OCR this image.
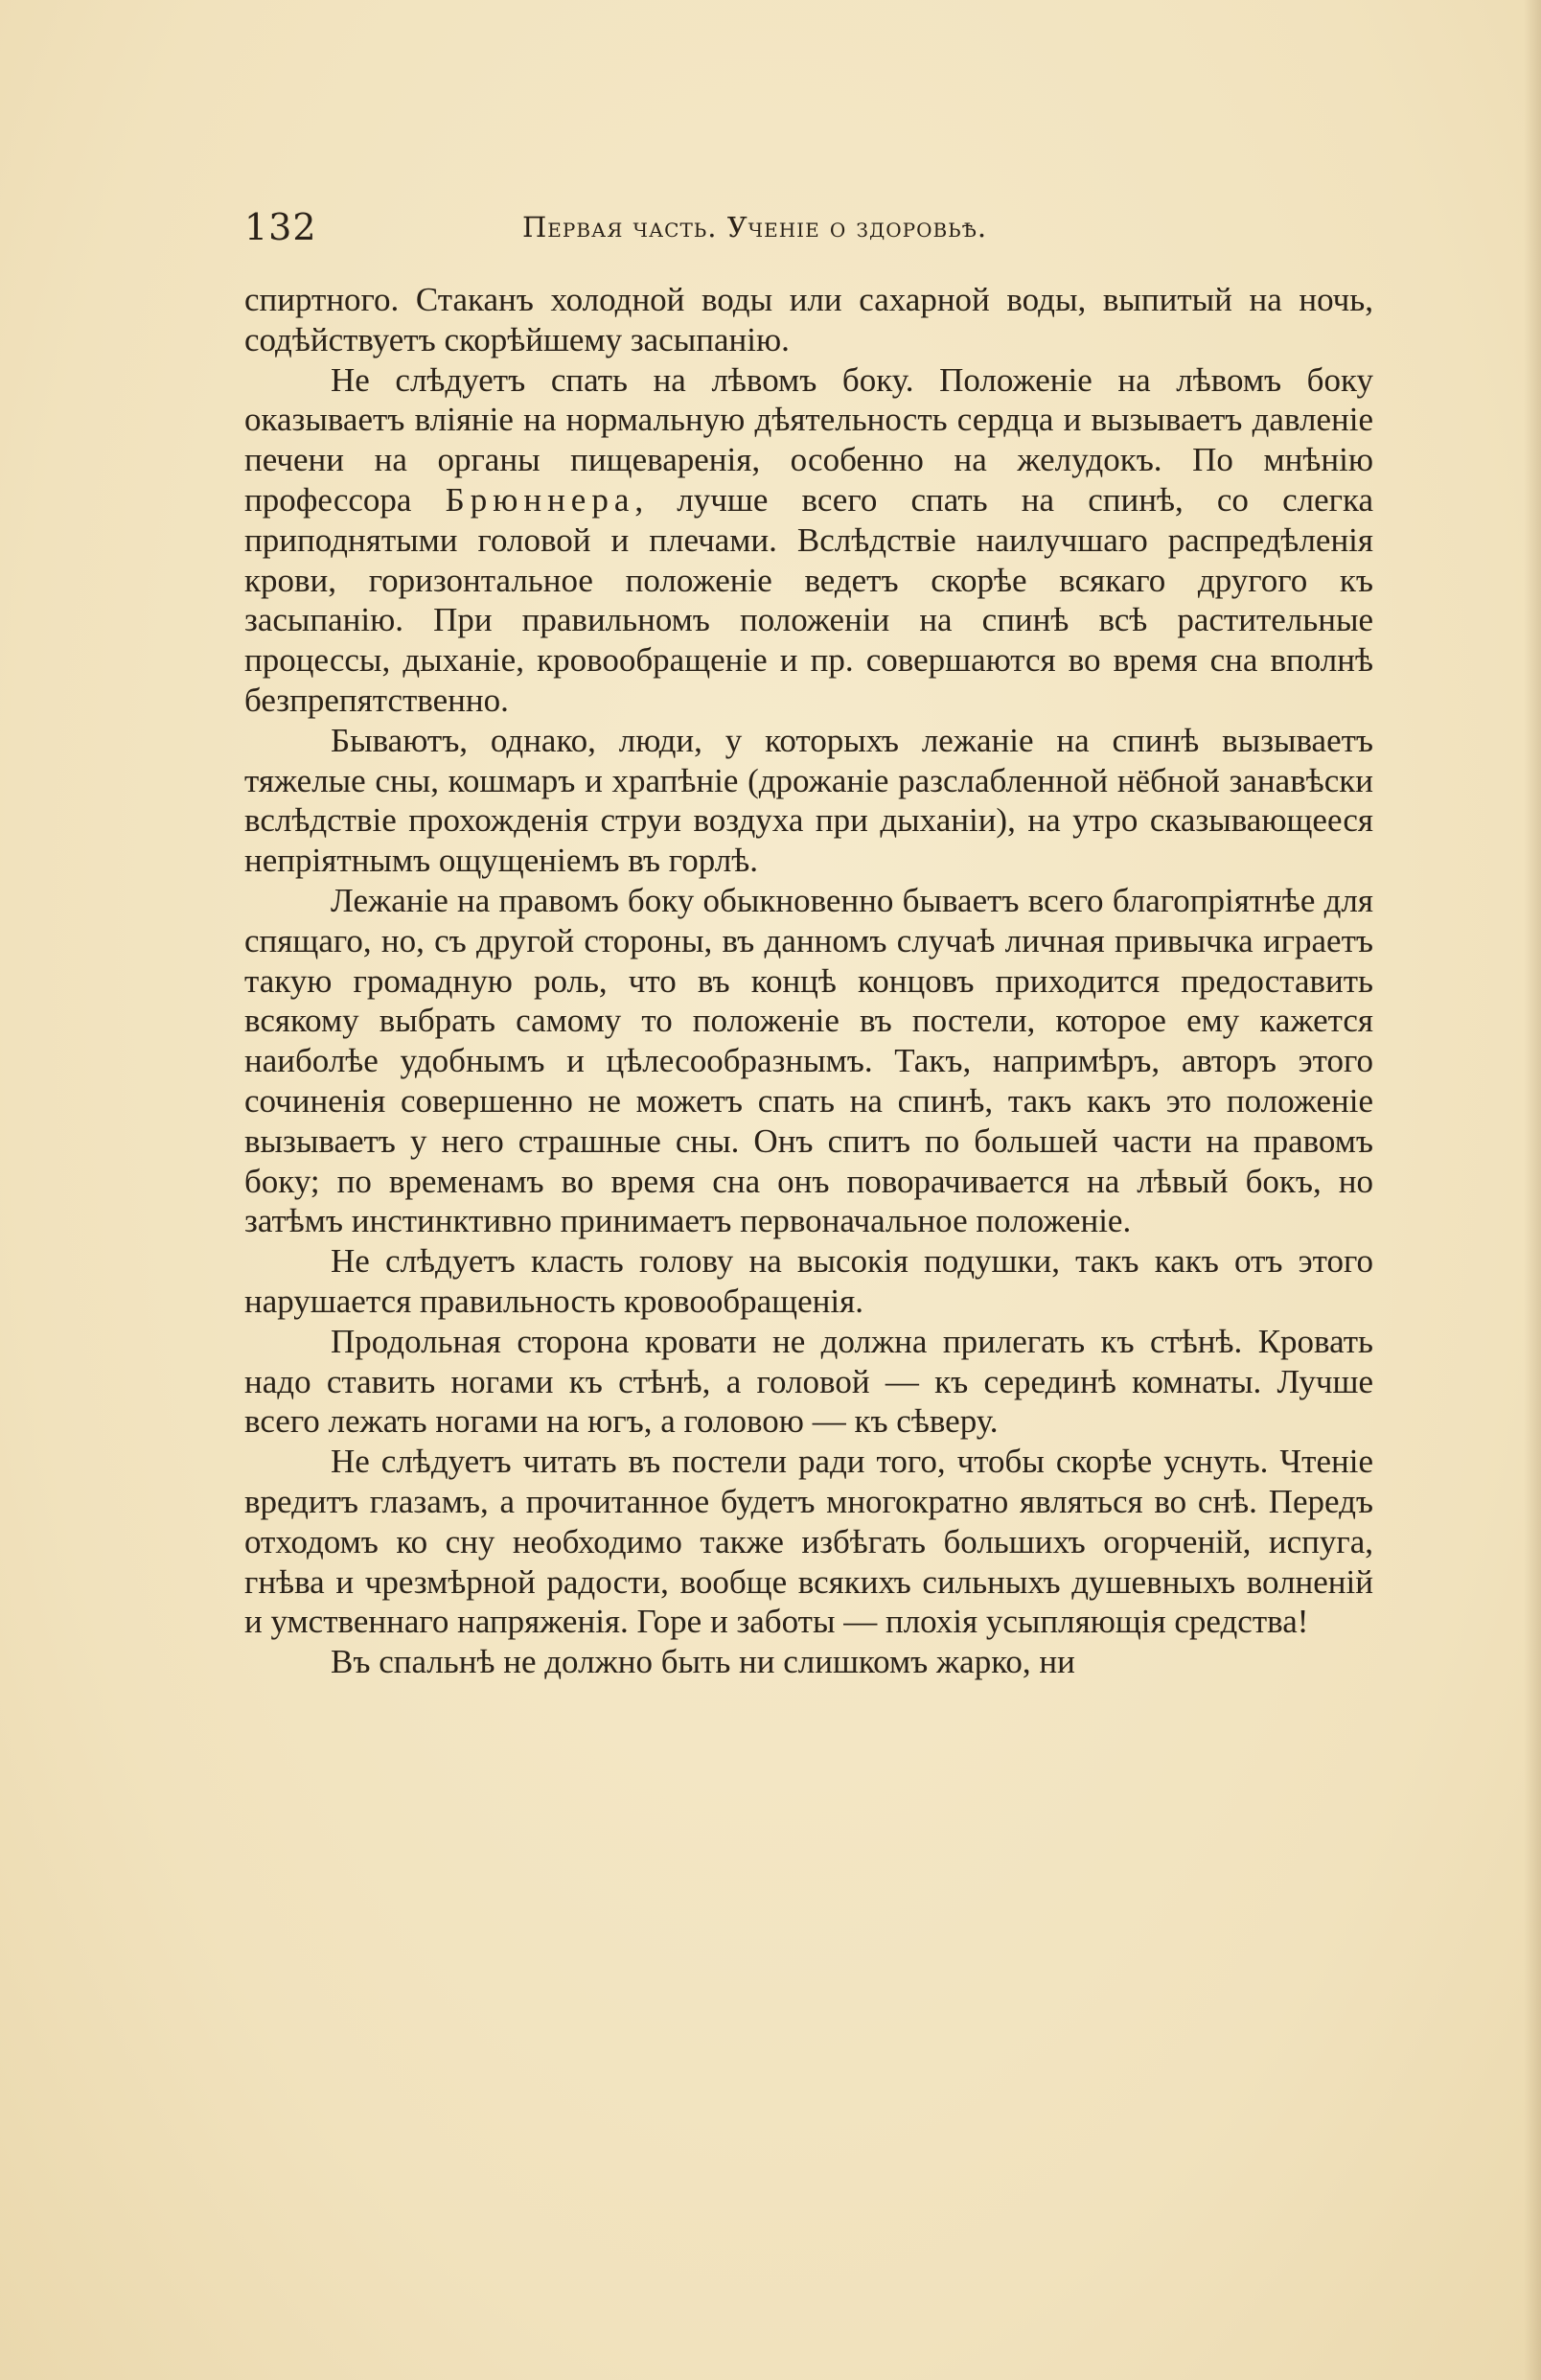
132	Первая часть. Ученіе о здоровьѣ.

спиртного. Стаканъ холодной воды или сахарной воды, выпитый на ночь, содѣйствуетъ скорѣйшему засыпанію.

Не слѣдуетъ спать на лѣвомъ боку. Положеніе на лѣвомъ боку оказываетъ вліяніе на нормальную дѣятельность сердца и вызываетъ давленіе печени на органы пищеваренія, особенно на желудокъ. По мнѣнію профессора Брюннера, лучше всего спать на спинѣ, со слегка приподнятыми головой и плечами. Вслѣдствіе наилучшаго распредѣленія крови, горизонтальное положеніе ведетъ скорѣе всякаго другого къ засыпанію. При правильномъ положеніи на спинѣ всѣ растительные процессы, дыханіе, кровообращеніе и пр. совершаются во время сна вполнѣ безпрепятственно.

Бываютъ, однако, люди, у которыхъ лежаніе на спинѣ вызываетъ тяжелые сны, кошмаръ и храпѣніе (дрожаніе разслабленной нёбной занавѣски вслѣдствіе прохожденія струи воздуха при дыханіи), на утро сказывающееся непріятнымъ ощущеніемъ въ горлѣ.

Лежаніе на правомъ боку обыкновенно бываетъ всего благопріятнѣе для спящаго, но, съ другой стороны, въ данномъ случаѣ личная привычка играетъ такую громадную роль, что въ концѣ концовъ приходится предоставить всякому выбрать самому то положеніе въ постели, которое ему кажется наиболѣе удобнымъ и цѣлесообразнымъ. Такъ, напримѣръ, авторъ этого сочиненія совершенно не можетъ спать на спинѣ, такъ какъ это положеніе вызываетъ у него страшные сны. Онъ спитъ по большей части на правомъ боку; по временамъ во время сна онъ поворачивается на лѣвый бокъ, но затѣмъ инстинктивно принимаетъ первоначальное положеніе.

Не слѣдуетъ класть голову на высокія подушки, такъ какъ отъ этого нарушается правильность кровообращенія.

Продольная сторона кровати не должна прилегать къ стѣнѣ. Кровать надо ставить ногами къ стѣнѣ, а головой — къ серединѣ комнаты. Лучше всего лежать ногами на югъ, а головою — къ сѣверу.

Не слѣдуетъ читать въ постели ради того, чтобы скорѣе уснуть. Чтеніе вредитъ глазамъ, а прочитанное будетъ многократно являться во снѣ. Передъ отходомъ ко сну необходимо также избѣгать большихъ огорченій, испуга, гнѣва и чрезмѣрной радости, вообще всякихъ сильныхъ душевныхъ волненій и умственнаго напряженія. Горе и заботы — плохія усыпляющія средства!

Въ спальнѣ не должно быть ни слишкомъ жарко, ни
